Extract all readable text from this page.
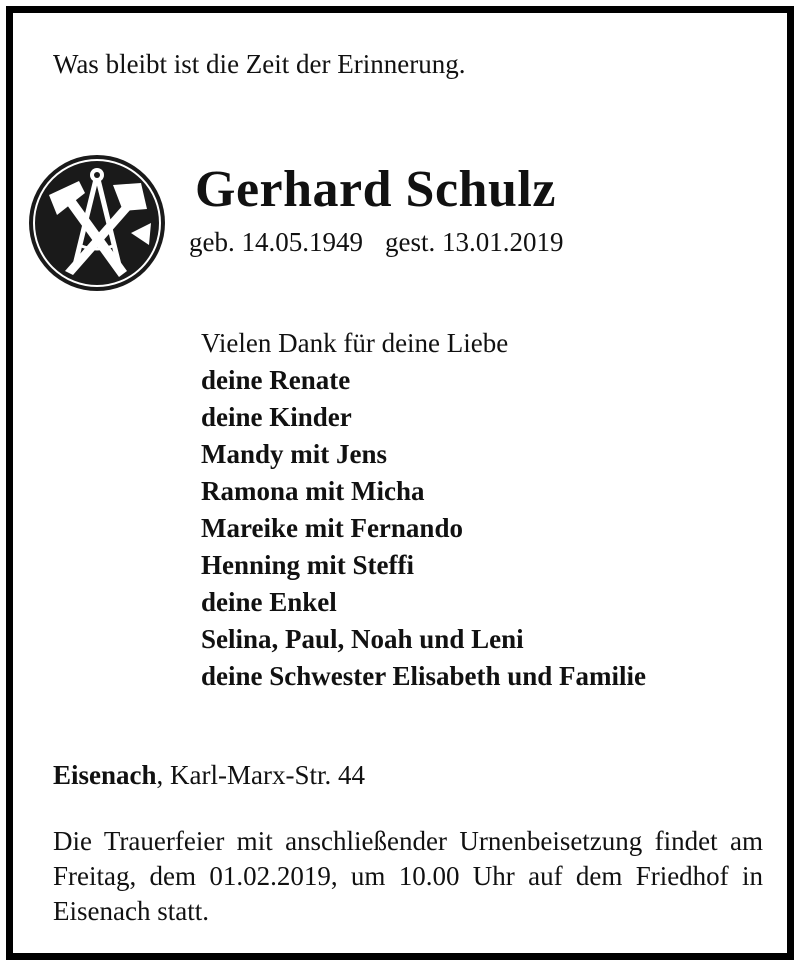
Was bleibt ist die Zeit der Erinnerung.
Gerhard Schulz
geb. 14.05.1949 gest. 13.01.2019
Vielen Dank für deine Liebe
deine Renate
deine Kinder
Mandy mit Jens
Ramona mit Micha
Mareike mit Fernando
Henning mit Steffi
deine Enkel
Selina, Paul, Noah und Leni
deine Schwester Elisabeth und Familie
Eisenach, Karl-Marx-Str. 44
Die Trauerfeier mit anschließender Urnenbeisetzung findet am Freitag, dem 01.02.2019, um 10.00 Uhr auf dem Friedhof in Eisenach statt.
